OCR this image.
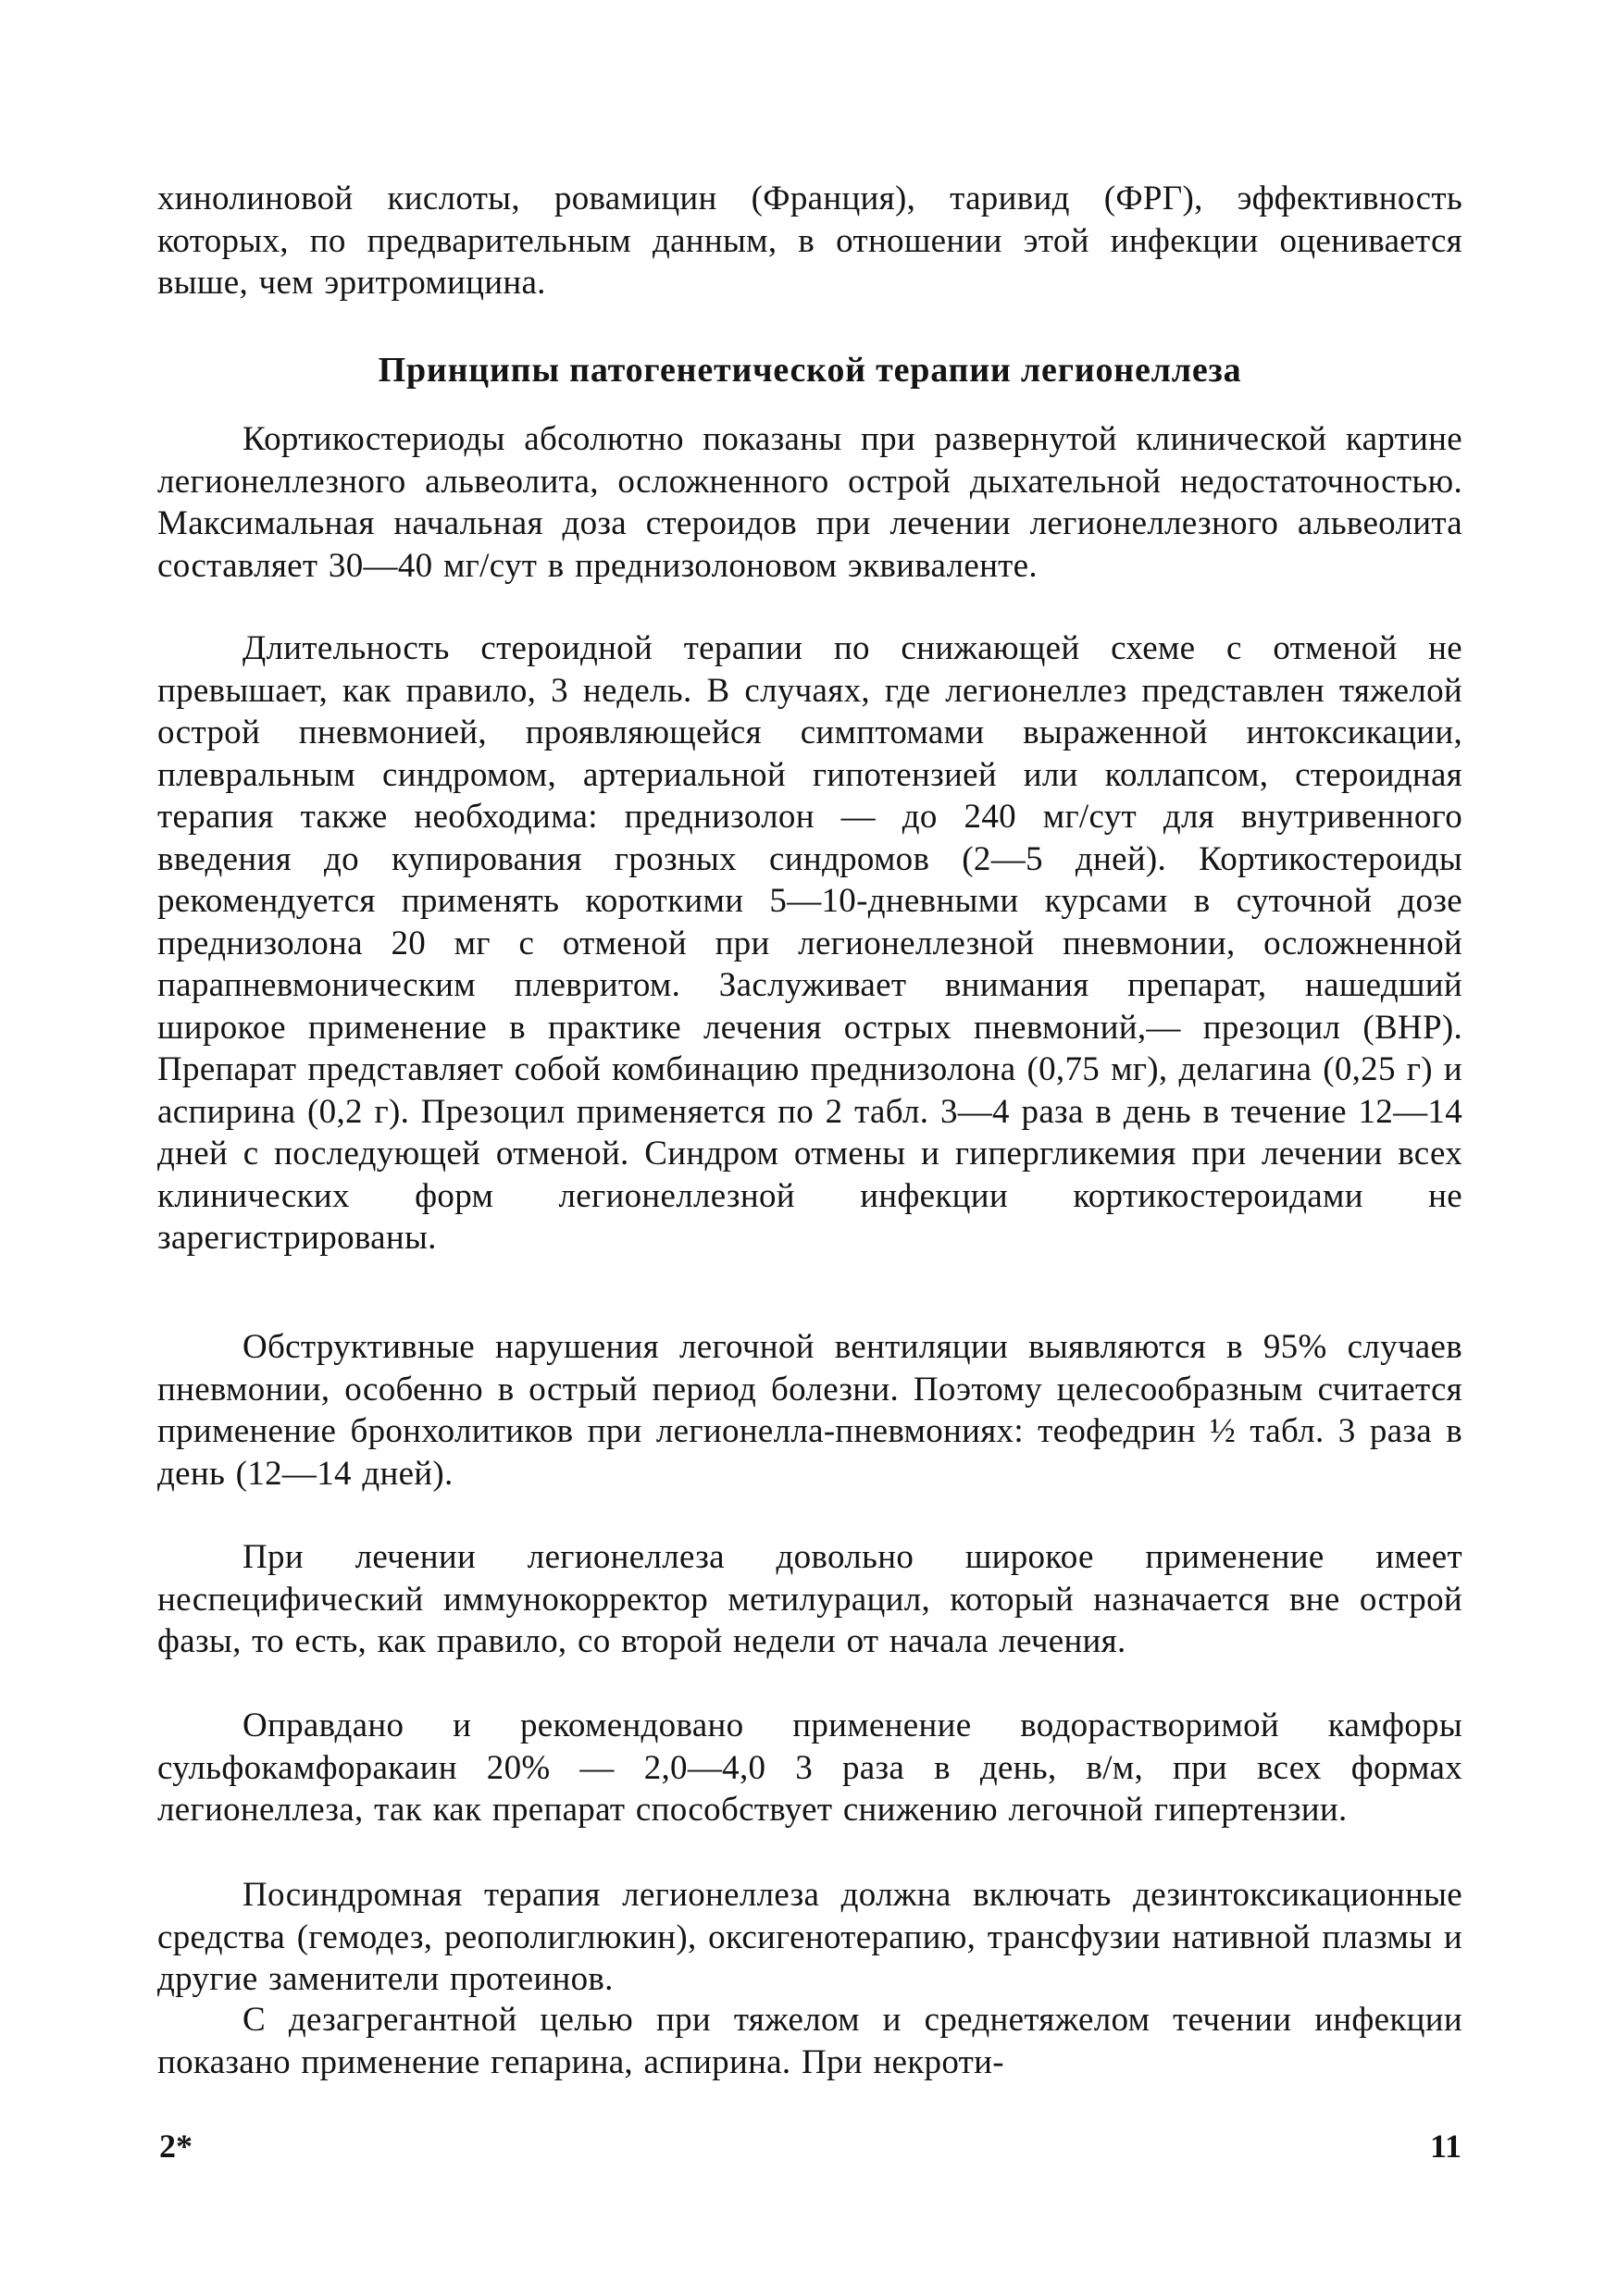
хинолиновой кислоты, ровамицин (Франция), таривид (ФРГ), эффективность которых, по предварительным данным, в отношении этой инфекции оценивается выше, чем эритромицина.

Принципы патогенетической терапии легионеллеза

Кортикостериоды абсолютно показаны при развернутой клинической картине легионеллезного альвеолита, осложненного острой дыхательной недостаточностью. Максимальная начальная доза стероидов при лечении легионеллезного альвеолита составляет 30—40 мг/сут в преднизолоновом эквиваленте.

Длительность стероидной терапии по снижающей схеме с отменой не превышает, как правило, 3 недель. В случаях, где легионеллез представлен тяжелой острой пневмонией, проявляющейся симптомами выраженной интоксикации, плевральным синдромом, артериальной гипотензией или коллапсом, стероидная терапия также необходима: преднизолон — до 240 мг/сут для внутривенного введения до купирования грозных синдромов (2—5 дней). Кортикостероиды рекомендуется применять короткими 5—10-дневными курсами в суточной дозе преднизолона 20 мг с отменой при легионеллезной пневмонии, осложненной парапневмоническим плевритом. Заслуживает внимания препарат, нашедший широкое применение в практике лечения острых пневмоний,— презоцил (ВНР). Препарат представляет собой комбинацию преднизолона (0,75 мг), делагина (0,25 г) и аспирина (0,2 г). Презоцил применяется по 2 табл. 3—4 раза в день в течение 12—14 дней с последующей отменой. Синдром отмены и гипергликемия при лечении всех клинических форм легионеллезной инфекции кортикостероидами не зарегистрированы.

Обструктивные нарушения легочной вентиляции выявляются в 95% случаев пневмонии, особенно в острый период болезни. Поэтому целесообразным считается применение бронхолитиков при легионелла-пневмониях: теофедрин ½ табл. 3 раза в день (12—14 дней).

При лечении легионеллеза довольно широкое применение имеет неспецифический иммунокорректор метилурацил, который назначается вне острой фазы, то есть, как правило, со второй недели от начала лечения.

Оправдано и рекомендовано применение водорастворимой камфоры сульфокамфоракаин 20% — 2,0—4,0 3 раза в день, в/м, при всех формах легионеллеза, так как препарат способствует снижению легочной гипертензии.

Посиндромная терапия легионеллеза должна включать дезинтоксикационные средства (гемодез, реополиглюкин), оксигенотерапию, трансфузии нативной плазмы и другие заменители протеинов.

С дезагрегантной целью при тяжелом и среднетяжелом течении инфекции показано применение гепарина, аспирина. При некроти-

2*	11
